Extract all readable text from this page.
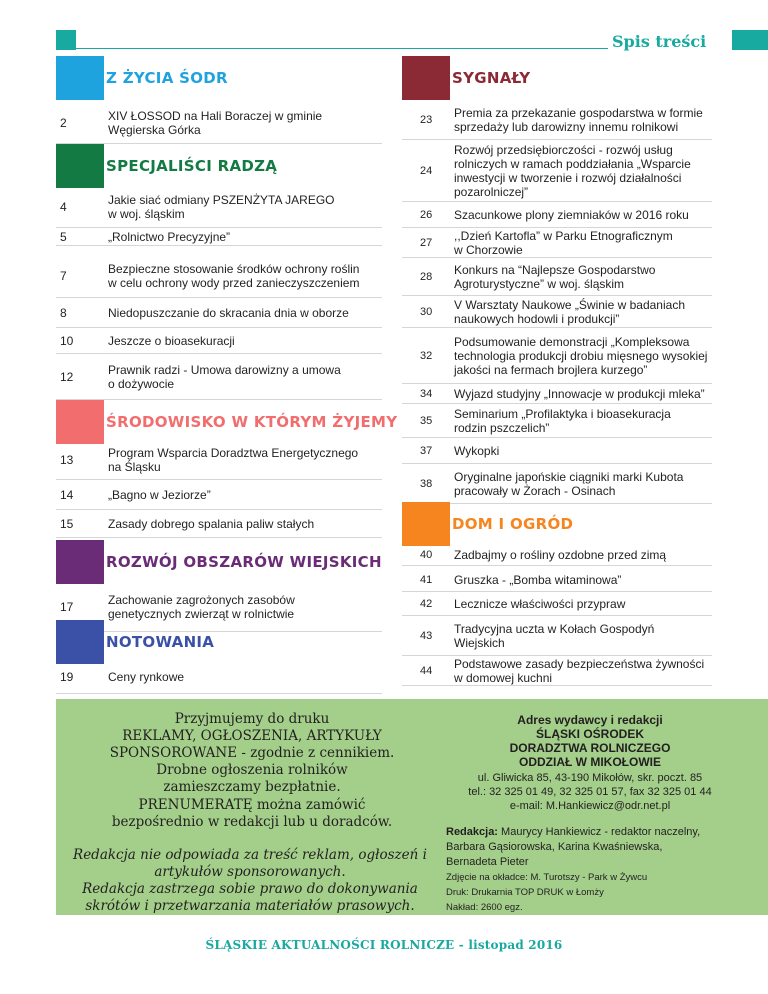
Spis treści
Z ŻYCIA ŚODR
2	XIV ŁOSSOD na Hali Boraczej w gminie
Węgierska Górka
SPECJALIŚCI RADZĄ
4	Jakie siać odmiany PSZENŻYTA JAREGO
w woj. śląskim
5	„Rolnictwo Precyzyjne”
7	Bezpieczne stosowanie środków ochrony roślin
w celu ochrony wody przed zanieczyszczeniem
8	Niedopuszczanie do skracania dnia w oborze
10	Jeszcze o bioasekuracji
12	Prawnik radzi - Umowa darowizny a umowa
o dożywocie
ŚRODOWISKO W KTÓRYM ŻYJEMY
13	Program Wsparcia Doradztwa Energetycznego
na Śląsku
14	„Bagno w Jeziorze”
15	Zasady dobrego spalania paliw stałych
ROZWÓJ OBSZARÓW WIEJSKICH
17	Zachowanie zagrożonych zasobów
genetycznych zwierząt w rolnictwie
NOTOWANIA
19	Ceny rynkowe
SYGNAŁY
23	Premia za przekazanie gospodarstwa w formie
sprzedaży lub darowizny innemu rolnikowi
24
Rozwój przedsiębiorczości - rozwój usług
rolniczych w ramach poddziałania „Wsparcie
inwestycji w tworzenie i rozwój działalności
pozarolniczej”
26	Szacunkowe plony ziemniaków w 2016 roku
27	,,Dzień Kartofla” w Parku Etnograficznym
w Chorzowie
28	Konkurs na “Najlepsze Gospodarstwo
Agroturystyczne” w woj. śląskim
30	V Warsztaty Naukowe „Świnie w badaniach
naukowych hodowli i produkcji”
32
Podsumowanie demonstracji „Kompleksowa
technologia produkcji drobiu mięsnego wysokiej
jakości na fermach brojlera kurzego”
34	Wyjazd studyjny „Innowacje w produkcji mleka”
35	Seminarium „Profilaktyka i bioasekuracja
rodzin pszczelich”
37	Wykopki
38	Oryginalne japońskie ciągniki marki Kubota
pracowały w Żorach - Osinach
DOM I OGRÓD
40	Zadbajmy o rośliny ozdobne przed zimą
41	Gruszka - „Bomba witaminowa”
42	Lecznicze właściwości przypraw
43	Tradycyjna uczta w Kołach Gospodyń
Wiejskich
44	Podstawowe zasady bezpieczeństwa żywności
w domowej kuchni

Przyjmujemy do druku
REKLAMY, OGŁOSZENIA, ARTYKUŁY
SPONSOROWANE - zgodnie z cennikiem.
Drobne ogłoszenia rolników
zamieszczamy bezpłatnie.

PRENUMERATĘ można zamówić
bezpośrednio w redakcji lub u doradców.

Redakcja nie odpowiada za treść reklam, ogłoszeń i
artykułów sponsorowanych.
Redakcja zastrzega sobie prawo do dokonywania
skrótów i przetwarzania materiałów prasowych.

Adres wydawcy i redakcji
ŚLĄSKI OŚRODEK
DORADZTWA ROLNICZEGO
ODDZIAŁ W MIKOŁOWIE
ul. Gliwicka 85, 43-190 Mikołów, skr. poczt. 85
tel.: 32 325 01 49, 32 325 01 57, fax 32 325 01 44
e-mail: M.Hankiewicz@odr.net.pl
Redakcja: Maurycy Hankiewicz - redaktor naczelny,
Barbara Gąsiorowska, Karina Kwaśniewska,
Bernadeta Pieter
Zdjęcie na okładce: M. Turotszy - Park w Żywcu
Druk: Drukarnia TOP DRUK w Łomży
Nakład: 2600 egz.
ŚLĄSKIE AKTUALNOŚCI ROLNICZE - listopad 2016
